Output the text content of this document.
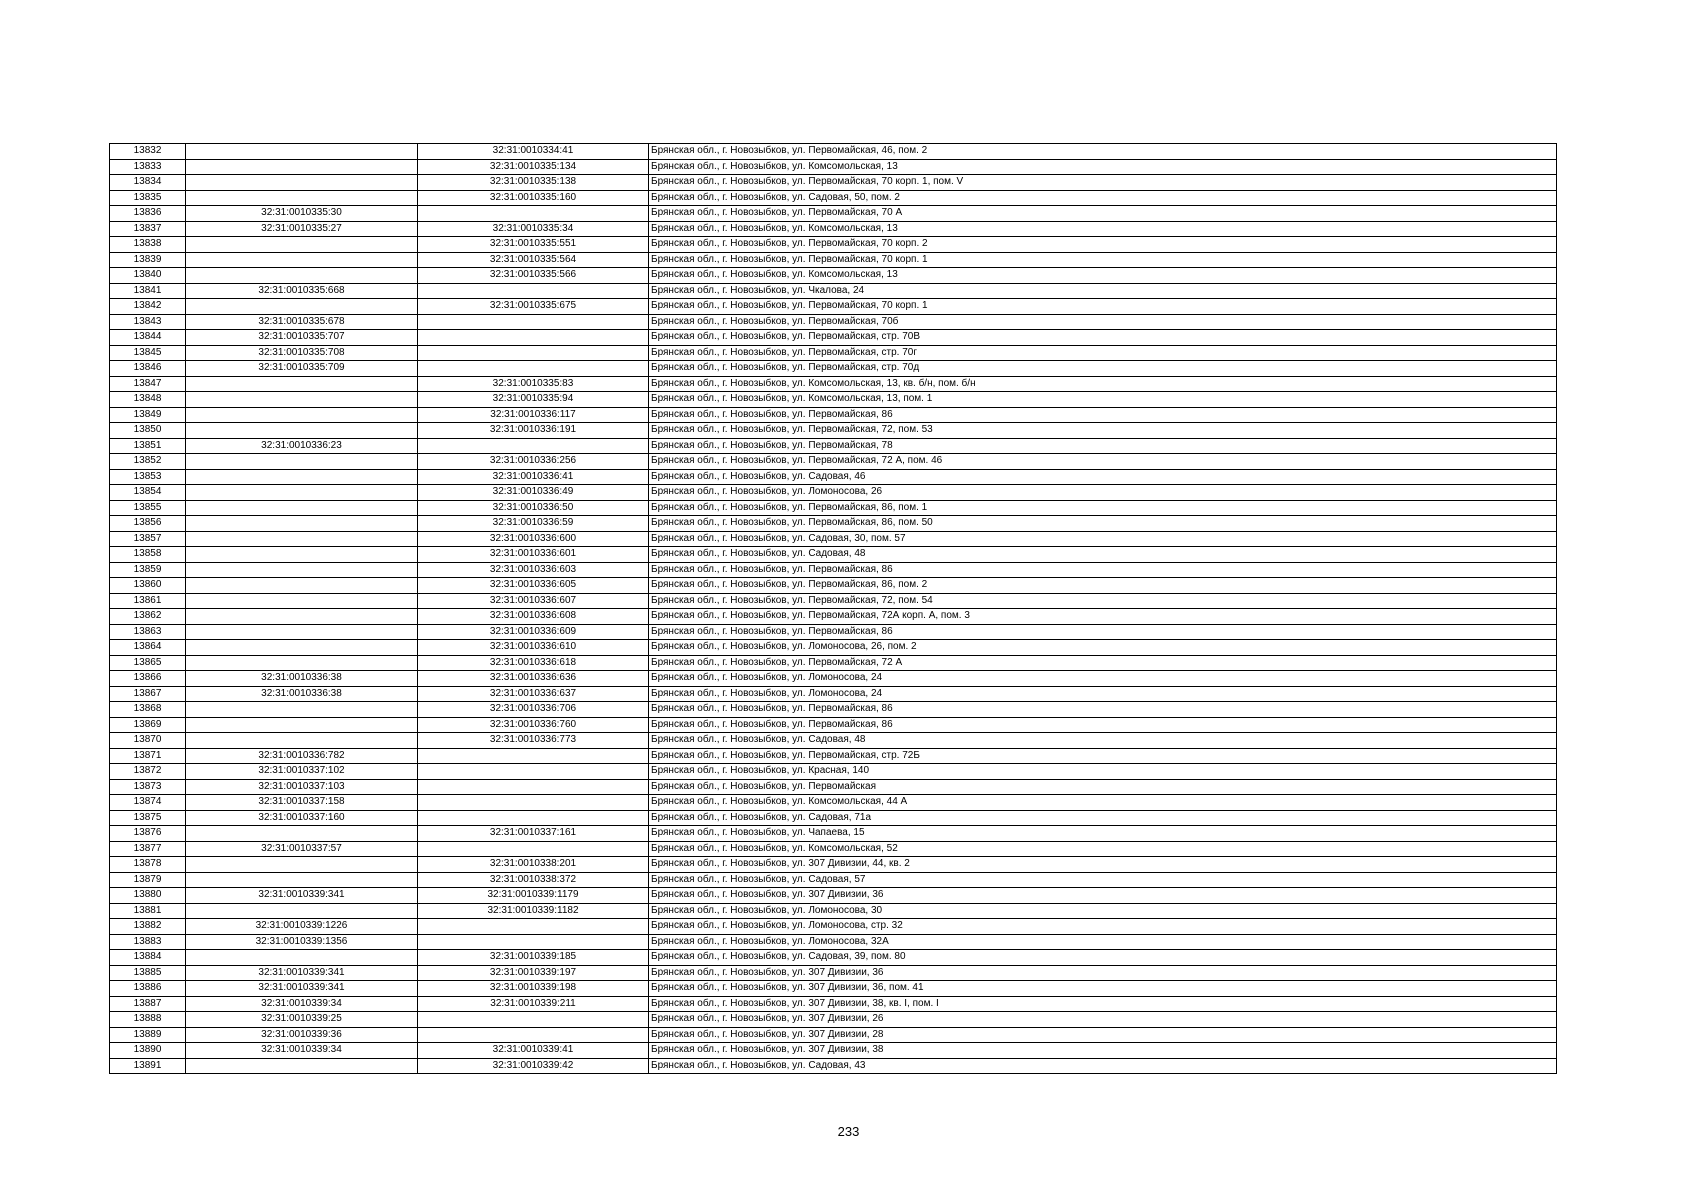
13832		32:31:0010334:41	Брянская обл., г. Новозыбков, ул. Первомайская, 46, пом. 2
13833		32:31:0010335:134	Брянская обл., г. Новозыбков, ул. Комсомольская, 13
13834		32:31:0010335:138	Брянская обл., г. Новозыбков, ул. Первомайская, 70 корп. 1, пом. V
13835		32:31:0010335:160	Брянская обл., г. Новозыбков, ул. Садовая, 50, пом. 2
13836	32:31:0010335:30		Брянская обл., г. Новозыбков, ул. Первомайская, 70 А
13837	32:31:0010335:27	32:31:0010335:34	Брянская обл., г. Новозыбков, ул. Комсомольская, 13
13838		32:31:0010335:551	Брянская обл., г. Новозыбков, ул. Первомайская, 70 корп. 2
13839		32:31:0010335:564	Брянская обл., г. Новозыбков, ул. Первомайская, 70 корп. 1
13840		32:31:0010335:566	Брянская обл., г. Новозыбков, ул. Комсомольская, 13
13841	32:31:0010335:668		Брянская обл., г. Новозыбков, ул. Чкалова, 24
13842		32:31:0010335:675	Брянская обл., г. Новозыбков, ул. Первомайская, 70 корп. 1
13843	32:31:0010335:678		Брянская обл., г. Новозыбков, ул. Первомайская, 70б
13844	32:31:0010335:707		Брянская обл., г. Новозыбков, ул. Первомайская, стр. 70В
13845	32:31:0010335:708		Брянская обл., г. Новозыбков, ул. Первомайская, стр. 70г
13846	32:31:0010335:709		Брянская обл., г. Новозыбков, ул. Первомайская, стр. 70д
13847		32:31:0010335:83	Брянская обл., г. Новозыбков, ул. Комсомольская, 13, кв. б/н, пом. б/н
13848		32:31:0010335:94	Брянская обл., г. Новозыбков, ул. Комсомольская, 13, пом. 1
13849		32:31:0010336:117	Брянская обл., г. Новозыбков, ул. Первомайская, 86
13850		32:31:0010336:191	Брянская обл., г. Новозыбков, ул. Первомайская, 72, пом. 53
13851	32:31:0010336:23		Брянская обл., г. Новозыбков, ул. Первомайская, 78
13852		32:31:0010336:256	Брянская обл., г. Новозыбков, ул. Первомайская, 72 А, пом. 46
13853		32:31:0010336:41	Брянская обл., г. Новозыбков, ул. Садовая, 46
13854		32:31:0010336:49	Брянская обл., г. Новозыбков, ул. Ломоносова, 26
13855		32:31:0010336:50	Брянская обл., г. Новозыбков, ул. Первомайская, 86, пом. 1
13856		32:31:0010336:59	Брянская обл., г. Новозыбков, ул. Первомайская, 86, пом. 50
13857		32:31:0010336:600	Брянская обл., г. Новозыбков, ул. Садовая, 30, пом. 57
13858		32:31:0010336:601	Брянская обл., г. Новозыбков, ул. Садовая, 48
13859		32:31:0010336:603	Брянская обл., г. Новозыбков, ул. Первомайская, 86
13860		32:31:0010336:605	Брянская обл., г. Новозыбков, ул. Первомайская, 86, пом. 2
13861		32:31:0010336:607	Брянская обл., г. Новозыбков, ул. Первомайская, 72, пом. 54
13862		32:31:0010336:608	Брянская обл., г. Новозыбков, ул. Первомайская, 72А корп. А, пом. 3
13863		32:31:0010336:609	Брянская обл., г. Новозыбков, ул. Первомайская, 86
13864		32:31:0010336:610	Брянская обл., г. Новозыбков, ул. Ломоносова, 26, пом. 2
13865		32:31:0010336:618	Брянская обл., г. Новозыбков, ул. Первомайская, 72 А
13866	32:31:0010336:38	32:31:0010336:636	Брянская обл., г. Новозыбков, ул. Ломоносова, 24
13867	32:31:0010336:38	32:31:0010336:637	Брянская обл., г. Новозыбков, ул. Ломоносова, 24
13868		32:31:0010336:706	Брянская обл., г. Новозыбков, ул. Первомайская, 86
13869		32:31:0010336:760	Брянская обл., г. Новозыбков, ул. Первомайская, 86
13870		32:31:0010336:773	Брянская обл., г. Новозыбков, ул. Садовая, 48
13871	32:31:0010336:782		Брянская обл., г. Новозыбков, ул. Первомайская, стр. 72Б
13872	32:31:0010337:102		Брянская обл., г. Новозыбков, ул. Красная, 140
13873	32:31:0010337:103		Брянская обл., г. Новозыбков, ул. Первомайская
13874	32:31:0010337:158		Брянская обл., г. Новозыбков, ул. Комсомольская, 44 А
13875	32:31:0010337:160		Брянская обл., г. Новозыбков, ул. Садовая, 71а
13876		32:31:0010337:161	Брянская обл., г. Новозыбков, ул. Чапаева, 15
13877	32:31:0010337:57		Брянская обл., г. Новозыбков, ул. Комсомольская, 52
13878		32:31:0010338:201	Брянская обл., г. Новозыбков, ул. 307 Дивизии, 44, кв. 2
13879		32:31:0010338:372	Брянская обл., г. Новозыбков, ул. Садовая, 57
13880	32:31:0010339:341	32:31:0010339:1179	Брянская обл., г. Новозыбков, ул. 307 Дивизии, 36
13881		32:31:0010339:1182	Брянская обл., г. Новозыбков, ул. Ломоносова, 30
13882	32:31:0010339:1226		Брянская обл., г. Новозыбков, ул. Ломоносова, стр. 32
13883	32:31:0010339:1356		Брянская обл., г. Новозыбков, ул. Ломоносова, 32А
13884		32:31:0010339:185	Брянская обл., г. Новозыбков, ул. Садовая, 39, пом. 80
13885	32:31:0010339:341	32:31:0010339:197	Брянская обл., г. Новозыбков, ул. 307 Дивизии, 36
13886	32:31:0010339:341	32:31:0010339:198	Брянская обл., г. Новозыбков, ул. 307 Дивизии, 36, пом. 41
13887	32:31:0010339:34	32:31:0010339:211	Брянская обл., г. Новозыбков, ул. 307 Дивизии, 38, кв. I, пом. I
13888	32:31:0010339:25		Брянская обл., г. Новозыбков, ул. 307 Дивизии, 26
13889	32:31:0010339:36		Брянская обл., г. Новозыбков, ул. 307 Дивизии, 28
13890	32:31:0010339:34	32:31:0010339:41	Брянская обл., г. Новозыбков, ул. 307 Дивизии, 38
13891		32:31:0010339:42	Брянская обл., г. Новозыбков, ул. Садовая, 43
233
